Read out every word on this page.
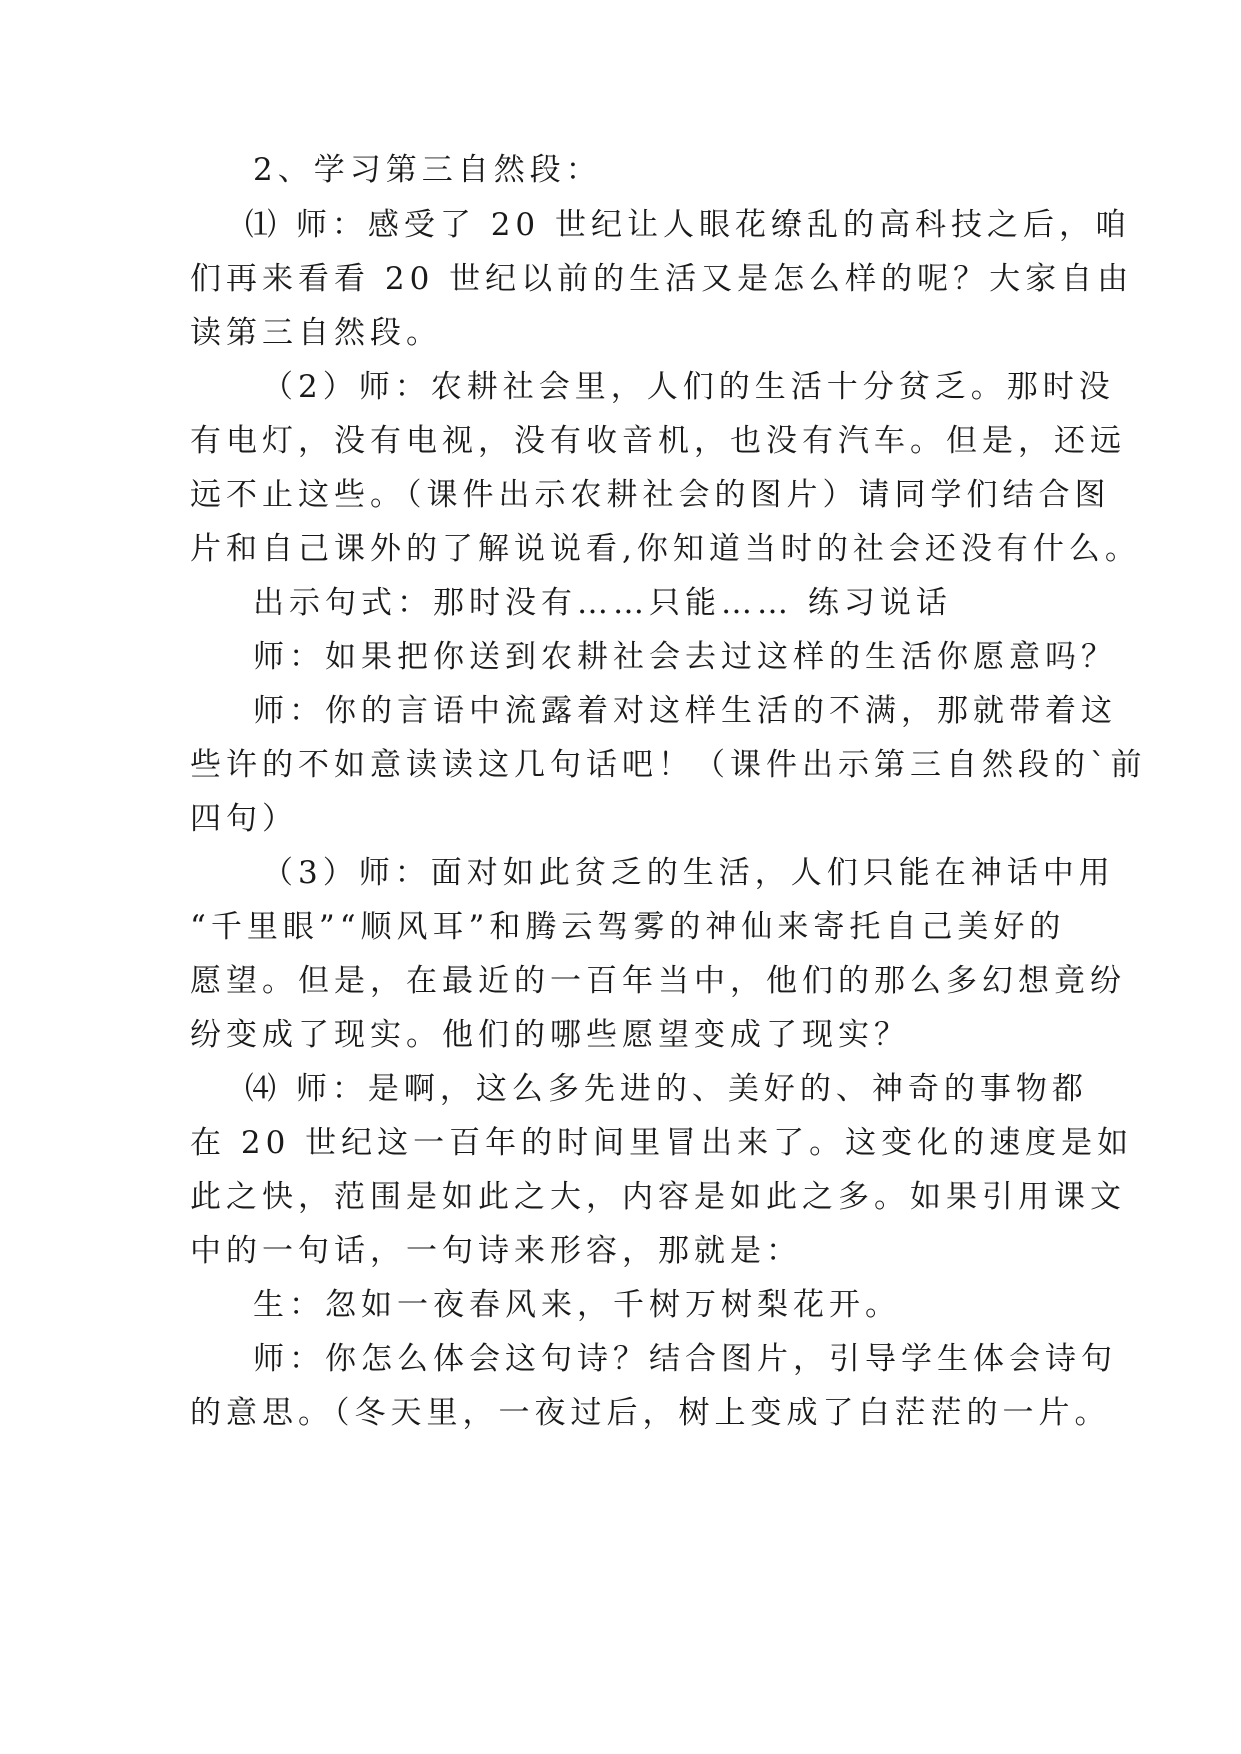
2、学习第三自然段：
⑴ 师：感受了 20 世纪让人眼花缭乱的高科技之后，咱
们再来看看 20 世纪以前的生活又是怎么样的呢？大家自由
读第三自然段。
（2）师：农耕社会里，人们的生活十分贫乏。那时没
有电灯，没有电视，没有收音机，也没有汽车。但是，还远
远不止这些。（课件出示农耕社会的图片）请同学们结合图
片和自己课外的了解说说看,你知道当时的社会还没有什么。
出示句式：那时没有……只能…… 练习说话
师：如果把你送到农耕社会去过这样的生活你愿意吗？
师：你的言语中流露着对这样生活的不满，那就带着这
些许的不如意读读这几句话吧！（课件出示第三自然段的`前
四句）
（3）师：面对如此贫乏的生活，人们只能在神话中用
“千里眼”“顺风耳”和腾云驾雾的神仙来寄托自己美好的
愿望。但是，在最近的一百年当中，他们的那么多幻想竟纷
纷变成了现实。他们的哪些愿望变成了现实？
⑷ 师：是啊，这么多先进的、美好的、神奇的事物都
在 20 世纪这一百年的时间里冒出来了。这变化的速度是如
此之快，范围是如此之大，内容是如此之多。如果引用课文
中的一句话，一句诗来形容，那就是：
生：忽如一夜春风来，千树万树梨花开。
师：你怎么体会这句诗？结合图片，引导学生体会诗句
的意思。（冬天里，一夜过后，树上变成了白茫茫的一片。
